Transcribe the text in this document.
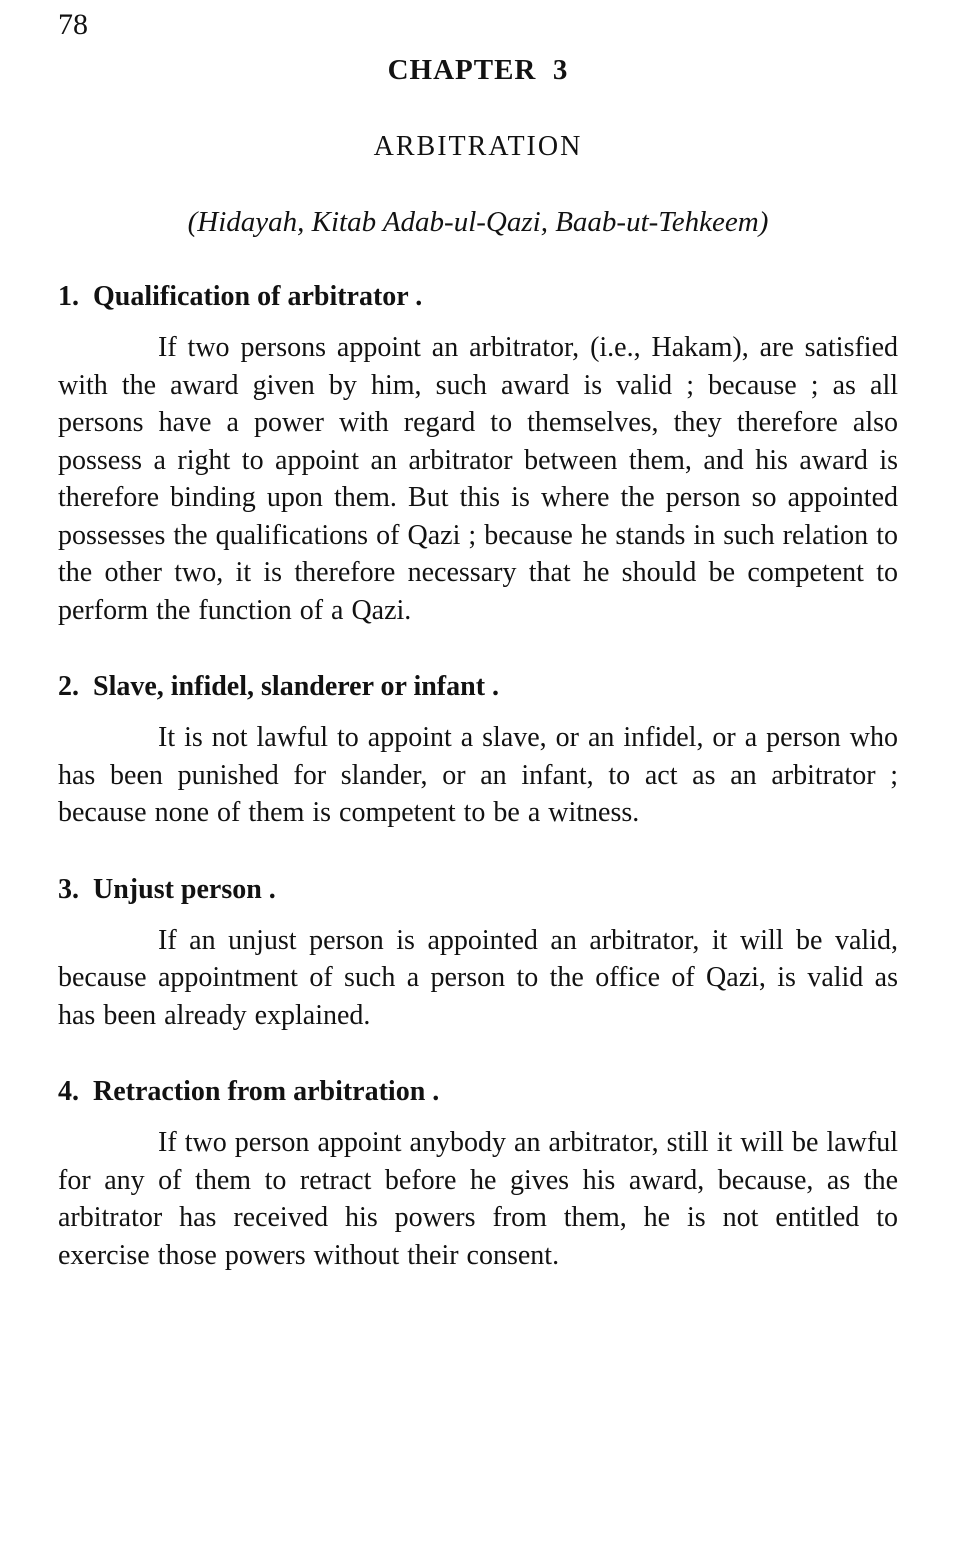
78
CHAPTER  3
ARBITRATION
(Hidayah, Kitab Adab-ul-Qazi, Baab-ut-Tehkeem)
1.  Qualification of arbitrator .

If two persons appoint an arbitrator, (i.e., Hakam), are satisfied with the award given by him, such award is valid ; because ; as all persons have a power with regard to themselves, they therefore also possess a right to appoint an arbitrator between them, and his award is therefore binding upon them. But this is where the person so appointed possesses the qualifications of Qazi ; because he stands in such relation to the other two, it is therefore necessary that he should be competent to perform the function of a Qazi.

2.  Slave, infidel, slanderer or infant .

It is not lawful to appoint a slave, or an infidel, or a person who has been punished for slander, or an infant, to act as an arbitrator ; because none of them is competent to be a witness.

3.  Unjust person .

If an unjust person is appointed an arbitrator, it will be valid, because appointment of such a person to the office of Qazi, is valid as has been already explained.

4.  Retraction from arbitration .

If two person appoint anybody an arbitrator, still it will be lawful for any of them to retract before he gives his award, because, as the arbitrator has received his powers from them, he is not entitled to exercise those powers without their consent.
